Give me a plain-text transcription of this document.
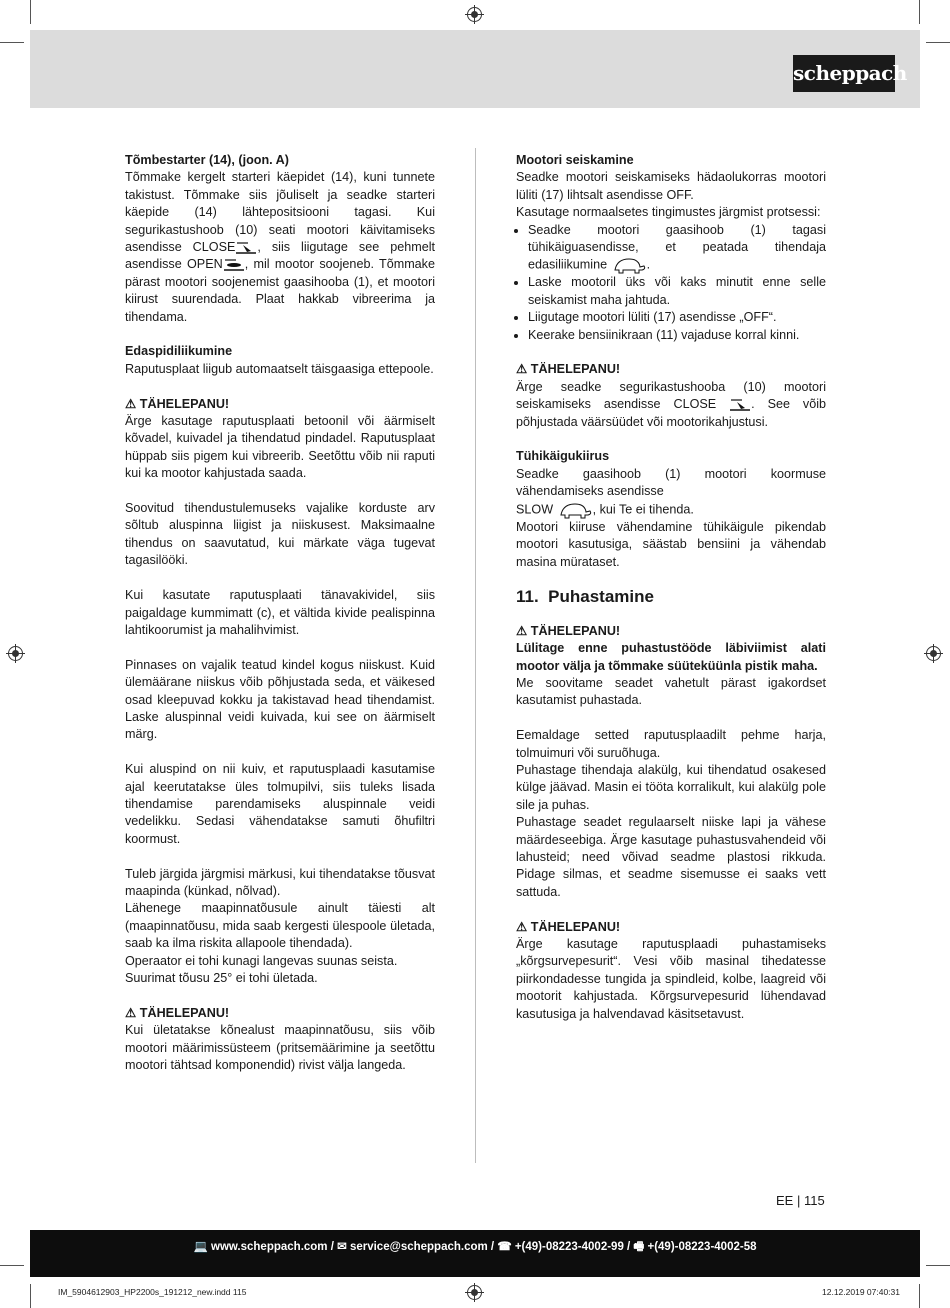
scheppach
Tõmbestarter (14), (joon. A)

Tõmmake kergelt starteri käepidet (14), kuni tunnete takistust. Tõmmake siis jõuliselt ja seadke starteri käepide (14) lähtepositsiooni tagasi. Kui segurikastushoob (10) seati mootori käivitamiseks asendisse CLOSE , siis liigutage see pehmelt asendisse OPEN , mil mootor soojeneb. Tõmmake pärast mootori soojenemist gaasihooba (1), et mootori kiirust suurendada. Plaat hakkab vibreerima ja tihendama.

Edaspidiliikumine

Raputusplaat liigub automaatselt täisgaasiga ettepoole.

⚠ TÄHELEPANU!

Ärge kasutage raputusplaati betoonil või äärmiselt kõvadel, kuivadel ja tihendatud pindadel. Raputusplaat hüppab siis pigem kui vibreerib. Seetõttu võib nii raputi kui ka mootor kahjustada saada.

Soovitud tihendustulemuseks vajalike korduste arv sõltub aluspinna liigist ja niiskusest. Maksimaalne tihendus on saavutatud, kui märkate väga tugevat tagasilööki.

Kui kasutate raputusplaati tänavakividel, siis paigaldage kummimatt (c), et vältida kivide pealispinna lahtikoorumist ja mahalihvimist.

Pinnases on vajalik teatud kindel kogus niiskust. Kuid ülemäärane niiskus võib põhjustada seda, et väikesed osad kleepuvad kokku ja takistavad head tihendamist. Laske aluspinnal veidi kuivada, kui see on äärmiselt märg.

Kui aluspind on nii kuiv, et raputusplaadi kasutamise ajal keerutatakse üles tolmupilvi, siis tuleks lisada tihendamise parendamiseks aluspinnale veidi vedelikku. Sedasi vähendatakse samuti õhufiltri koormust.

Tuleb järgida järgmisi märkusi, kui tihendatakse tõusvat maapinda (künkad, nõlvad).
Lähenege maapinnatõusule ainult täiesti alt (maapinnatõusu, mida saab kergesti ülespoole ületada, saab ka ilma riskita allapoole tihendada).
Operaator ei tohi kunagi langevas suunas seista.

Suurimat tõusu 25° ei tohi ületada.

⚠ TÄHELEPANU!

Kui ületatakse kõnealust maapinnatõusu, siis võib mootori määrimissüsteem (pritsemäärimine ja seetõttu mootori tähtsad komponendid) rivist välja langeda.

Mootori seiskamine
Seadke mootori seiskamiseks hädaolukorras mootori lüliti (17) lihtsalt asendisse OFF.
Kasutage normaalsetes tingimustes järgmist protsessi:
• Seadke mootori gaasihoob (1) tagasi tühikäiguasendisse, et peatada tihendaja edasiliikumine	.
• Laske mootoril üks või kaks minutit enne selle seiskamist maha jahtuda.
• Liigutage mootori lüliti (17) asendisse „OFF“.
• Keerake bensiinikraan (11) vajaduse korral kinni.
⚠ TÄHELEPANU!

Ärge seadke segurikastushooba (10) mootori seiskamiseks asendisse CLOSE	. See võib põhjustada väärsüüdet või mootorikahjustusi.

Tühikäigukiirus
Seadke gaasihoob (1) mootori koormuse vähendamiseks asendisse
SLOW	, kui Te ei tihenda.

Mootori kiiruse vähendamine tühikäigule pikendab mootori kasutusiga, säästab bensiini ja vähendab masina mürataset.

11. Puhastamine
⚠ TÄHELEPANU!
Lülitage enne puhastustööde läbiviimist alati mootor välja ja tõmmake süüteküünla pistik maha.

Me soovitame seadet vahetult pärast igakordset kasutamist puhastada.

Eemaldage setted raputusplaadilt pehme harja, tolmuimuri või suruõhuga.
Puhastage tihendaja alakülg, kui tihendatud osakesed külge jäävad. Masin ei tööta korralikult, kui alakülg pole sile ja puhas.

Puhastage seadet regulaarselt niiske lapi ja vähese määrdeseebiga. Ärge kasutage puhastusvahendeid või lahusteid; need võivad seadme plastosi rikkuda. Pidage silmas, et seadme sisemusse ei saaks vett sattuda.

⚠ TÄHELEPANU!

Ärge kasutage raputusplaadi puhastamiseks „kõrgsurvepesurit“. Vesi võib masinal tihedatesse piirkondadesse tungida ja spindleid, kolbe, laagreid või mootorit kahjustada. Kõrgsurvepesurid lühendavad kasutusiga ja halvendavad käsitsetavust.

EE | 115
💻 www.scheppach.com / ✉ service@scheppach.com / ☎ +(49)-08223-4002-99 / 🖷 +(49)-08223-4002-58
IM_5904612903_HP2200s_191212_new.indd 115	12.12.2019 07:40:31
